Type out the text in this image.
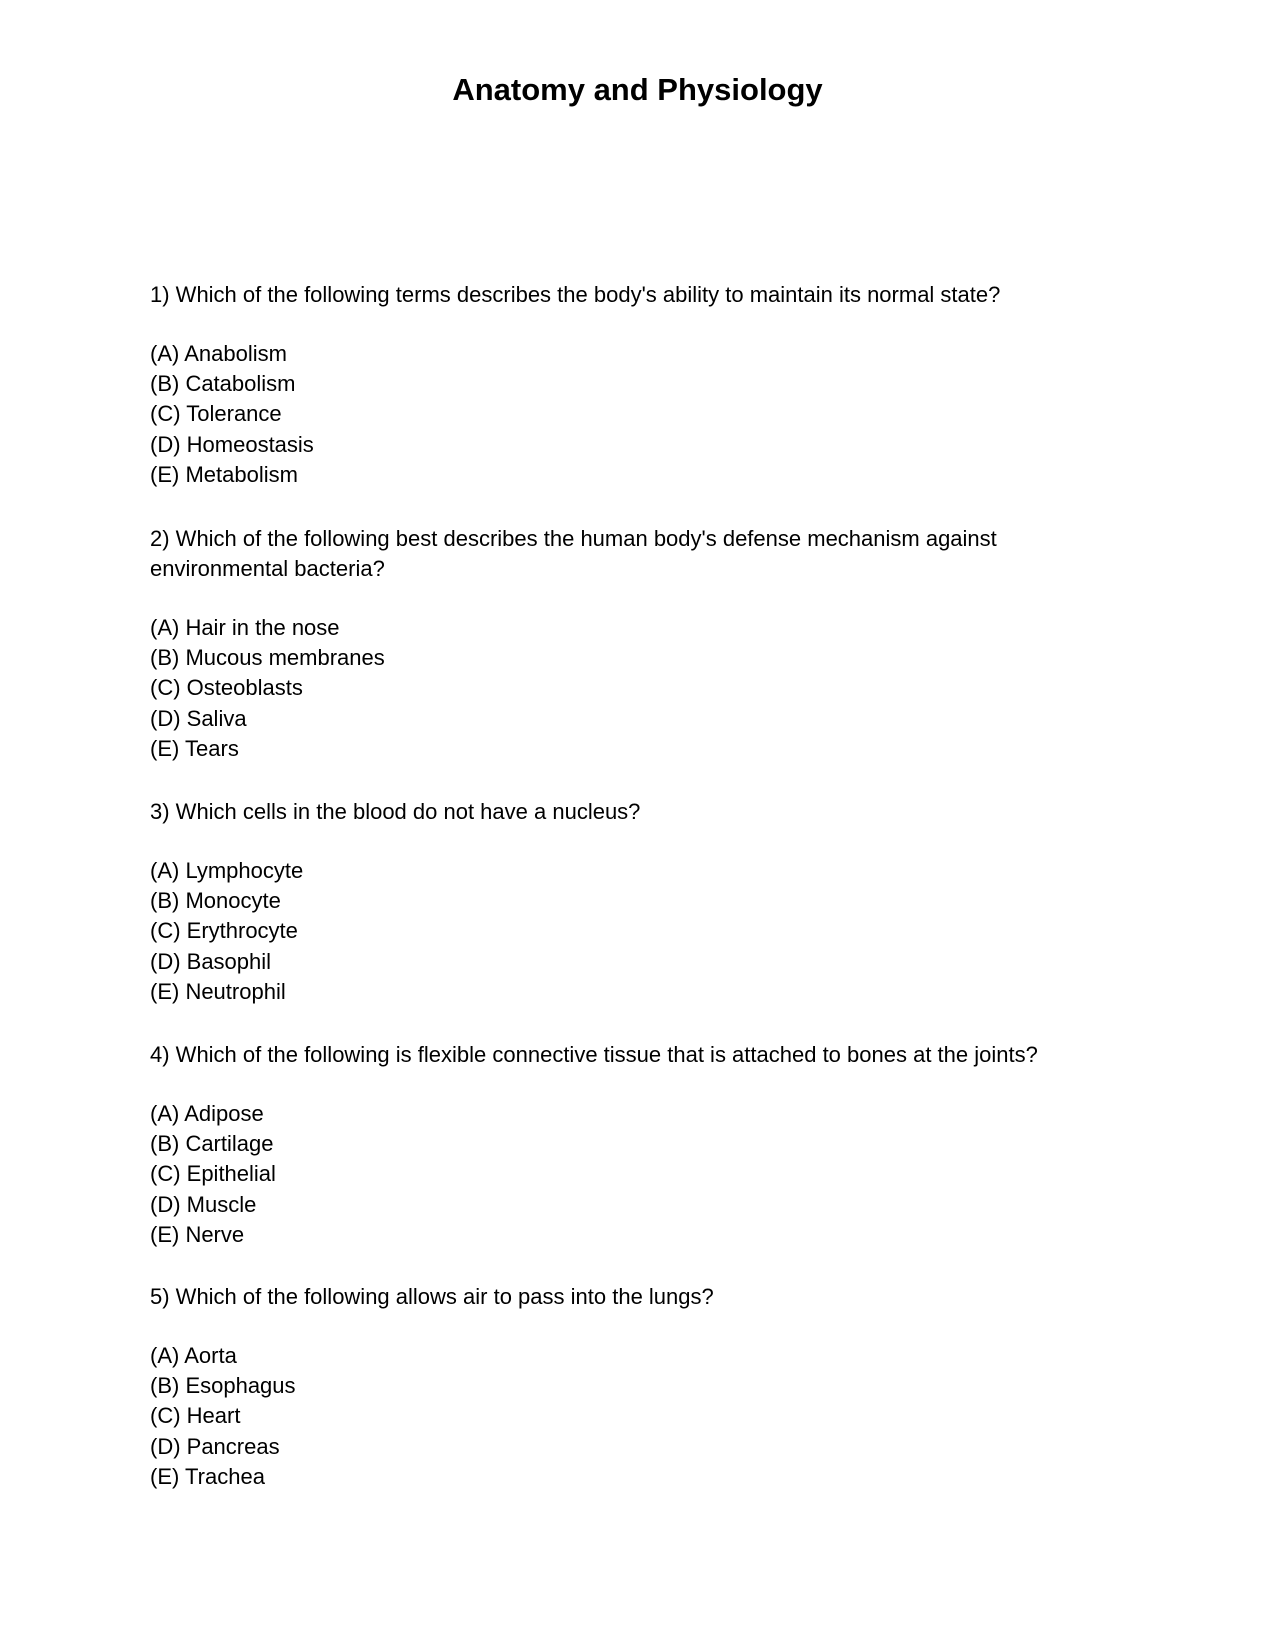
Anatomy and Physiology

1) Which of the following terms describes the body's ability to maintain its normal state?

(A) Anabolism
(B) Catabolism
(C) Tolerance
(D) Homeostasis
(E) Metabolism

2) Which of the following best describes the human body's defense mechanism against
environmental bacteria?

(A) Hair in the nose
(B) Mucous membranes
(C) Osteoblasts
(D) Saliva
(E) Tears

3) Which cells in the blood do not have a nucleus?

(A) Lymphocyte
(B) Monocyte
(C) Erythrocyte
(D) Basophil
(E) Neutrophil

4) Which of the following is flexible connective tissue that is attached to bones at the joints?

(A) Adipose
(B) Cartilage
(C) Epithelial
(D) Muscle
(E) Nerve

5) Which of the following allows air to pass into the lungs?

(A) Aorta
(B) Esophagus
(C) Heart
(D) Pancreas
(E) Trachea
